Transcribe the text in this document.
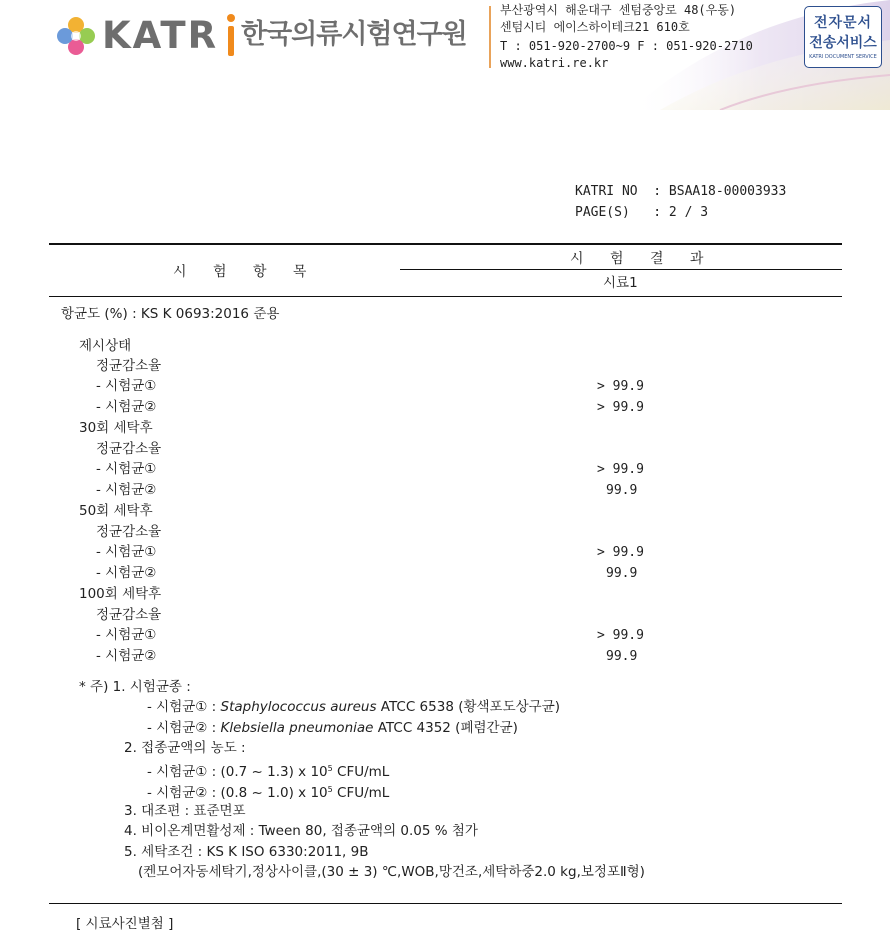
KATR 한국의류시험연구원
부산광역시 해운대구 센텀중앙로 48(우동)
센텀시티 에이스하이테크21 610호
T : 051-920-2700~9 F : 051-920-2710
www.katri.re.kr
전자문서
전송서비스
KATRI DOCUMENT SERVICE
KATRI NO  : BSAA18-00003933
PAGE(S)   : 2 / 3
시 험 항 목
시 험 결 과
시료1
항균도 (%) : KS K 0693:2016 준용
제시상태
정균감소율
- 시험균①	> 99.9
- 시험균②	> 99.9
30회 세탁후
정균감소율
- 시험균①	> 99.9
- 시험균②	99.9
50회 세탁후
정균감소율
- 시험균①	> 99.9
- 시험균②	99.9
100회 세탁후
정균감소율
- 시험균①	> 99.9
- 시험균②	99.9
* 주) 1. 시험균종 :
- 시험균① : Staphylococcus aureus ATCC 6538 (황색포도상구균)
- 시험균② : Klebsiella pneumoniae ATCC 4352 (폐렴간균)
2. 접종균액의 농도 :
- 시험균① : (0.7 ~ 1.3) x $10^5$ CFU/mL
- 시험균② : (0.8 ~ 1.0) x $10^5$ CFU/mL
3. 대조편 : 표준면포
4. 비이온계면활성제 : Tween 80, 접종균액의 0.05 % 첨가
5. 세탁조건 : KS K ISO 6330:2011, 9B
(켄모어자동세탁기,정상사이클,(30 ± 3) ℃,WOB,망건조,세탁하중2.0 kg,보정포Ⅱ형)
[ 시료사진별첨 ]
